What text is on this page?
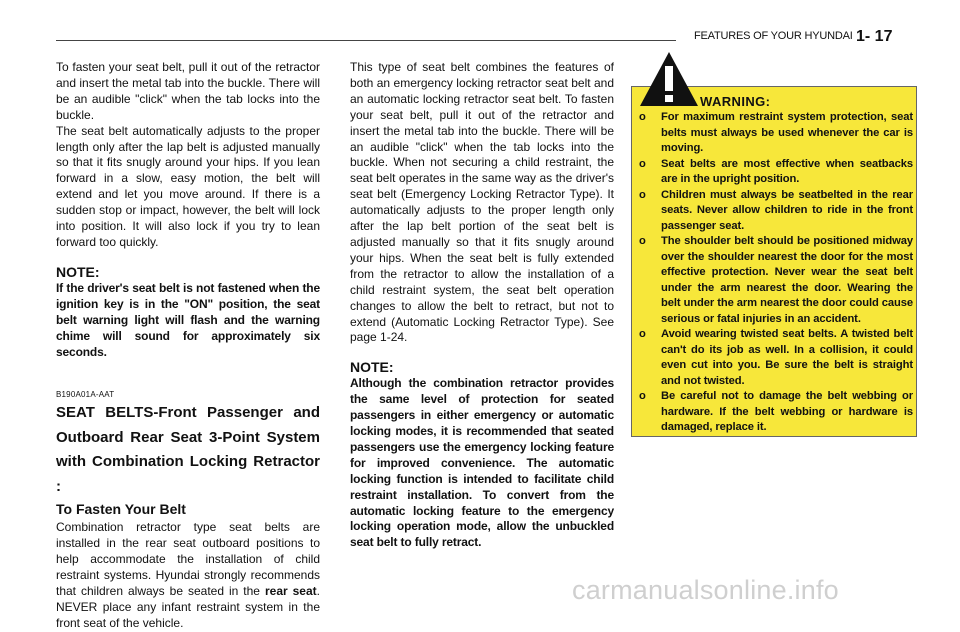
FEATURES OF YOUR HYUNDAI 1- 17

To fasten your seat belt, pull it out of the retractor and insert the metal tab into the buckle. There will be an audible "click" when the tab locks into the buckle.

The seat belt automatically adjusts to the proper length only after the lap belt is adjusted manually so that it fits snugly around your hips. If you lean forward in a slow, easy motion, the belt will extend and let you move around. If there is a sudden stop or impact, however, the belt will lock into position. It will also lock if you try to lean forward too quickly.

NOTE:

If the driver's seat belt is not fastened when the ignition key is in the "ON" position, the seat belt warning light will flash and the warning chime will sound for approximately six seconds.

B190A01A-AAT
SEAT BELTS-Front Passenger and Outboard Rear Seat 3-Point System with Combination Locking Retractor :
To Fasten Your Belt

Combination retractor type seat belts are installed in the rear seat outboard positions to help accommodate the installation of child restraint systems. Hyundai strongly recommends that children always be seated in the rear seat. NEVER place any infant restraint system in the front seat of the vehicle.

This type of seat belt combines the features of both an emergency locking retractor seat belt and an automatic locking retractor seat belt. To fasten your seat belt, pull it out of the retractor and insert the metal tab into the buckle. There will be an audible "click" when the tab locks into the buckle. When not securing a child restraint, the seat belt operates in the same way as the driver's seat belt (Emergency Locking Retractor Type). It automatically adjusts to the proper length only after the lap belt portion of the seat belt is adjusted manually so that it fits snugly around your hips. When the seat belt is fully extended from the retractor to allow the installation of a child restraint system, the seat belt operation changes to allow the belt to retract, but not to extend (Automatic Locking Retractor Type). See page 1-24.

NOTE:

Although the combination retractor provides the same level of protection for seated passengers in either emergency or automatic locking modes, it is recommended that seated passengers use the emergency locking feature for improved convenience. The automatic locking function is intended to facilitate child restraint installation. To convert from the automatic locking feature to the emergency locking operation mode, allow the unbuckled seat belt to fully retract.

WARNING:
o For maximum restraint system protection, seat belts must always be used whenever the car is moving.
o Seat belts are most effective when seatbacks are in the upright position.
o Children must always be seatbelted in the rear seats. Never allow children to ride in the front passenger seat.
o The shoulder belt should be positioned midway over the shoulder nearest the door for the most effective protection. Never wear the seat belt under the arm nearest the door. Wearing the belt under the arm nearest the door could cause serious or fatal injuries in an accident.
o Avoid wearing twisted seat belts. A twisted belt can't do its job as well. In a collision, it could even cut into you. Be sure the belt is straight and not twisted.
o Be careful not to damage the belt webbing or hardware. If the belt webbing or hardware is damaged, replace it.
carmanualsonline.info
